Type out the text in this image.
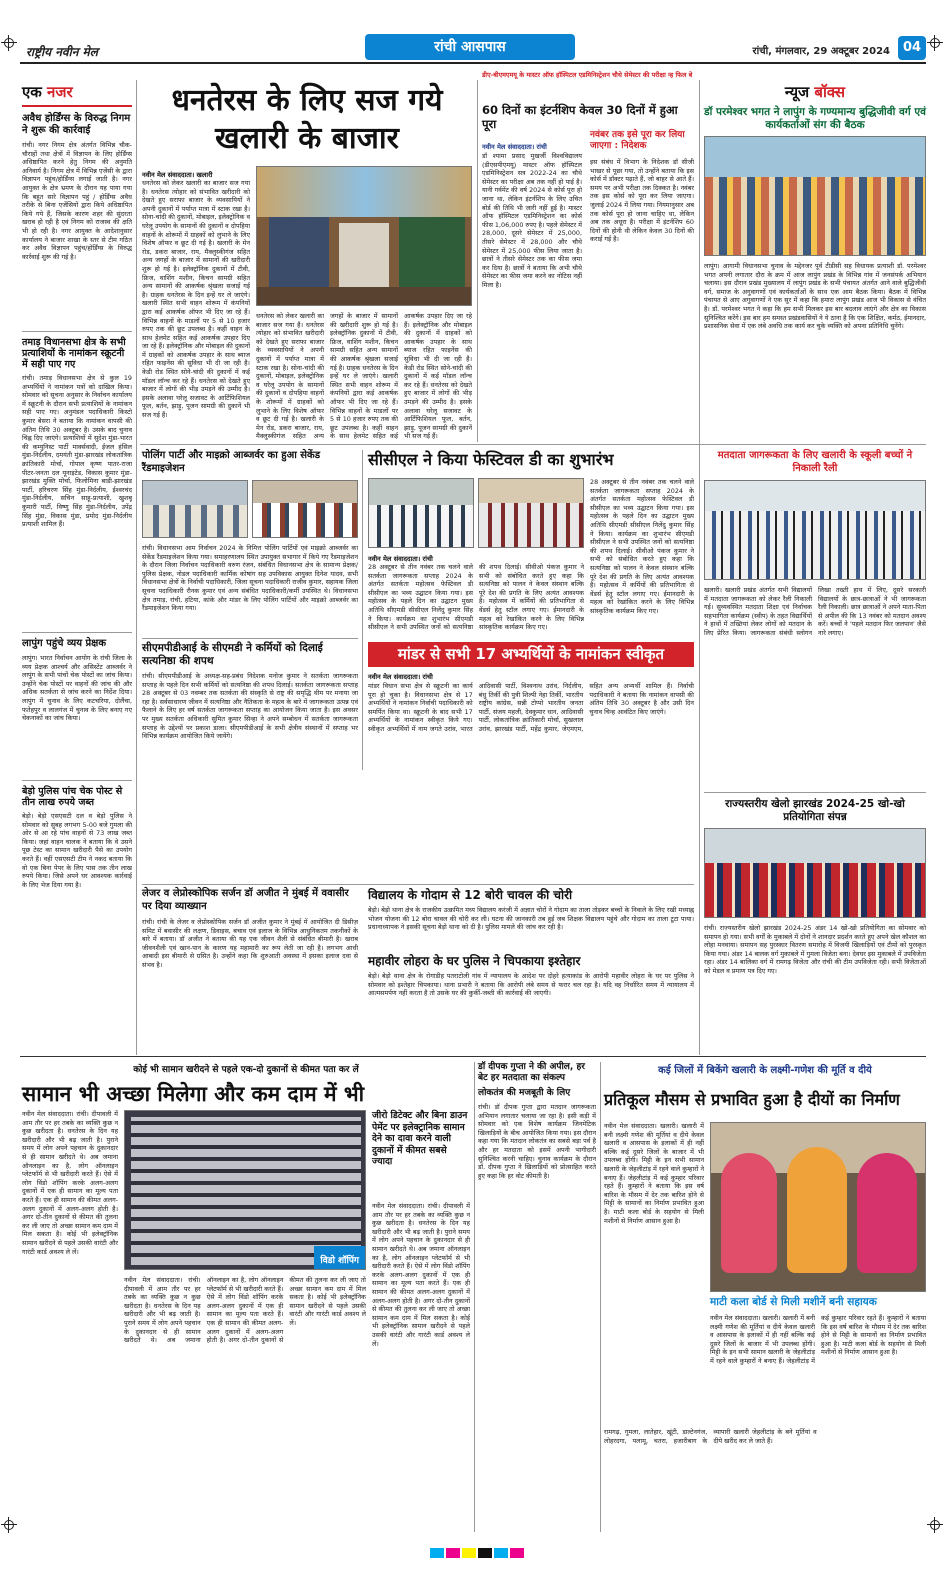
राष्ट्रीय नवीन मेल	रांची आसपास	रांची, मंगलवार, 29 अक्टूबर 2024 04
एक नजर
अवैध होर्डिंग्स के विरुद्ध निगम ने शुरू की कार्रवाई
रांची। नगर निगम क्षेत्र अंतर्गत विभिन्न चौक-चौराहों तथा क्षेत्रों में विज्ञापन के लिए होर्डिंग्स अधिष्ठापित करने हेतु निगम की अनुमति अनिवार्य है। निगम क्षेत्र में विभिन्न एजेंसी के द्वारा विज्ञापन पहुंच/होर्डिंग्स लगाई जाती है। नगर आयुक्त के क्षेत्र भ्रमण के दौरान यह पाया गया कि बहुत सारे विज्ञापन पहुं / होर्डिंग्स अवैध तरीके से बिना एजेंसियों द्वारा किये अधिष्ठापित किये गये हैं, जिसके कारण शहर की सुंदरता खराब हो रही है एवं निगम को राजस्व की क्षति भी हो रही है। नगर आयुक्त के आदेशानुसार कार्यालय ने बाजार शाखा के स्तर से टीम गठित कर अवैध विज्ञापन पहुंच/होर्डिंग्स के विरुद्ध कार्रवाई शुरू की गई है।
तमाड़ विधानसभा क्षेत्र के सभी प्रत्याशियों के नामांकन स्क्रूटनी में सही पाए गए
रांची। तमाड़ विधानसभा क्षेत्र से कुल 19 अभ्यर्थियों ने नामांकन पत्रों को दाखिल किया। सोमवार को सूचना अनुसार के निर्वाचन कार्यालय में स्क्रूटनी के दौरान सभी प्रत्याशियों के नामांकन सही पाए गए। अनुमंडल पदाधिकारी किस्टो कुमार बेसरा ने बताया कि नामांकन वापसी की अंतिम तिथि 30 अक्टूबर है। उसके बाद चुनाव चिह्न दिए जाएंगे। प्रत्याशियों में सुदेश मुंडा-भारत की कम्युनिस्ट पार्टी मार्क्सवादी, ईजल हंसिल मुंडा-निर्दलीय, दमयंती मुंडा-झारखंड लोकतांत्रिक क्रांतिकारी मोर्चा, गोपाल कृष्ण पातर-राजा पीटर-जनता दल यूनाइटेड, विकास कुमार मुंडा-झारखंड मुक्ति मोर्चा, फिलोमिना बाडी-झारखंड पार्टी, हरिचरण सिंह मुंडा-निर्दलीय, ईश्वरचंद मुंडा-निर्दलीय, सचिन साहू-प्रत्याशी, खुशबू कुमारी पार्टी, विष्णु सिंह मुंडा-निर्दलीय, उपेंद्र सिंह मुंडा, विकास मुंडा, प्रमोद मुंडा-निर्दलीय प्रत्याशी शामिल हैं।
लापुंग पहुंचे व्यय प्रेक्षक
लापुंग। भारत निर्वाचन आयोग के रांची जिला के व्यय प्रेक्षक आश्चर्य और असिस्टेंट आब्जर्वर ने लापुंग के सभी पांचों चेक पोस्टों का जांच किया। उन्होंने चेक पोस्टों पर वाहनों की जांच की और अधिक सतर्कता से जांच करने का निर्देश दिया। लापुंग में चुनाव के लिए कटचरिया, दोलैंचा, फतेहपुर व लालगंज में चुनाव के लिए बनाए गए चेकनाकों का जांच किया।
बेड़ो पुलिस पांच चेक पोस्ट से तीन लाख रुपये जब्त
बेड़ो। बेड़ो एसएसटी दल व बेड़ो पुलिस ने सोमवार को सुबह लगभग 5-00 बजे गुमला की ओर से आ रहे पांच वाहनों से 73 लाख जब्त किया। जहां वाहन चालक ने बताया कि वे उसने पूछ टेस्ट का सामान खरीदारी पैसे का उपयोग करते हैं। वहीं एसएसटी टीम ने नकद बताया कि वो एक बिना पेपर के लिए पास तक तीन लाख रुपये किया। जिसे अपने घर आवश्यक कार्रवाई के लिए भेज दिया गया है।
धनतेरस के लिए सज गये खलारी के बाजार
नवीन मेल संवाददाता। खलारी
धनतेरस को लेकर खलारी का बाजार सज गया है। धनतेरस त्योहार को संभावित खरीदारी को देखते हुए सराफा बाजार के व्यवसायियों ने अपनी दुकानों में पर्याप्त मात्रा में स्टाक रखा है। सोना-चांदी की दुकानों, मोबाइल, इलेक्ट्रोनिक व घरेलू उपयोग के सामानों की दुकानों व दोपहिया वाहनों के शोरूमों में ग्राहकों को लुभाने के लिए विशेष ऑफर व छूट दी गई है। खलारी के मेन रोड, डकरा बाजार, राय, मैक्लुस्कीगंज सहित अन्य जगहों के बाजार में सामानों की खरीदारी शुरू हो गई है। इलेक्ट्रॉनिक दुकानों में टीवी, फ्रिज, वाशिंग मशीन, किचन सामग्री सहित अन्य सामानों की आकर्षक श्रृंखला सजाई गई है। ग्राहक धनतेरस के दिन इन्हें घर ले जाएंगे। खलारी स्थित सभी वाहन शोरूम में कंपनियों द्वारा कई आकर्षक ऑफर भी दिए जा रहे हैं। विभिन्न वाहनों के माडलों पर 5 से 10 हजार रुपए तक की छूट उपलब्ध है। कहीं वाहन के साथ हेलमेट सहित कई आकर्षक उपहार दिए जा रहे हैं। इलेक्ट्रॉनिक और मोबाइल की दुकानों में ग्राहकों को आकर्षक उपहार के साथ ब्याज रहित फाइनेंस की सुविधा भी दी जा रही है। केडी रोड स्थित सोने-चांदी की दुकानों में कई मॉडल लाॅन्च कर रहे हैं। धनतेरस को देखते हुए बाजार में लोगों की भीड़ उमड़ने की उम्मीद है। इसके अलावा घरेलू सजावट के आर्टिफिशियल फूल, बर्तन, झाड़ू, पूजन सामग्री की दुकानें भी सज गई हैं।
धनतेरस को लेकर खलारी का बाजार सज गया है। धनतेरस त्योहार को संभावित खरीदारी को देखते हुए सराफा बाजार के व्यवसायियों ने अपनी दुकानों में पर्याप्त मात्रा में स्टाक रखा है। सोना-चांदी की दुकानों, मोबाइल, इलेक्ट्रोनिक व घरेलू उपयोग के सामानों की दुकानों व दोपहिया वाहनों के शोरूमों में ग्राहकों को लुभाने के लिए विशेष ऑफर व छूट दी गई है। खलारी के मेन रोड, डकरा बाजार, राय, मैक्लुस्कीगंज सहित अन्य जगहों के बाजार में सामानों की खरीदारी शुरू हो गई है। इलेक्ट्रॉनिक दुकानों में टीवी, फ्रिज, वाशिंग मशीन, किचन सामग्री सहित अन्य सामानों की आकर्षक श्रृंखला सजाई गई है। ग्राहक धनतेरस के दिन इन्हें घर ले जाएंगे। खलारी स्थित सभी वाहन शोरूम में कंपनियों द्वारा कई आकर्षक ऑफर भी दिए जा रहे हैं। विभिन्न वाहनों के माडलों पर 5 से 10 हजार रुपए तक की छूट उपलब्ध है। कहीं वाहन के साथ हेलमेट सहित कई आकर्षक उपहार दिए जा रहे हैं। इलेक्ट्रॉनिक और मोबाइल की दुकानों में ग्राहकों को आकर्षक उपहार के साथ ब्याज रहित फाइनेंस की सुविधा भी दी जा रही है। केडी रोड स्थित सोने-चांदी की दुकानों में कई मॉडल लाॅन्च कर रहे हैं। धनतेरस को देखते हुए बाजार में लोगों की भीड़ उमड़ने की उम्मीद है। इसके अलावा घरेलू सजावट के आर्टिफिशियल फूल, बर्तन, झाड़ू, पूजन सामग्री की दुकानें भी सज गई हैं।
डीए-बीएमएमयू के मास्टर ऑफ हॉस्पिटल एडमिनिस्ट्रेशन चौथे सेमेस्टर की परीक्षा न्ह फिल बे
60 दिनों का इंटर्नशिप केवल 30 दिनों में हुआ पूरा
नवीन मेल संवाददाता। रांची
डॉ श्यामा प्रसाद मुखर्जी विश्वविद्यालय (डीएसपीएमयू) मास्टर ऑफ हॉस्पिटल एडमिनिस्ट्रेशन सत्र 2022-24 का चौथे सेमेस्टर का परीक्षा अब तक नहीं हो पाई है। यानी गर्वमेंट की वर्ष 2024 से कोर्स पूरा हो जाना था, लेकिन इंटर्नशिप के लिए उचित बोर्ड की तिथि भी जारी नहीं हुई है। मास्टर ऑफ हॉस्पिटल एडमिनिस्ट्रेशन का कोर्स फीस 1,06,000 रुपए है। पहले सेमेस्टर में 28,000, दूसरे सेमेस्टर में 25,000, तीसरे सेमेस्टर में 28,000 और चौथे सेमेस्टर में 25,000 फीस लिया जाता है। छात्रों ने तीसरे सेमेस्टर तक का फीस जमा कर दिया है। छात्रों ने बताया कि अभी चौथे सेमेस्टर का फीस जमा करने का नोटिस नहीं मिला है।
नवंबर तक इसे पूरा कर लिया जाएगा : निदेशक
इस संबंध में विभाग के निदेशक डॉ सीजी भाखर से पूछा गया, तो उन्होंने बताया कि इस कोर्स में डॉक्टर पढ़ाते हैं, जो बाहर से आते हैं। समय पर अभी परीक्षा तक दिक्कत है। नवंबर तक इस कोर्स को पूरा कर लिया जाएगा। जुलाई 2024 में लिया गया। नियमानुसार अब तक कोर्स पूरा हो जाना चाहिए था, लेकिन अब तक अधूरा है। परीक्षा में इंटर्नशिप 60 दिनों की होनी थी लेकिन केवल 30 दिनों की कराई गई है।
न्यूज बॉक्स
डॉ परमेश्वर भगत ने लापुंग के गण्यमान्य बुद्धिजीवी वर्ग एवं कार्यकर्ताओं संग की बैठक
लापुंग। आगामी विधानसभा चुनाव के मद्देनजर पूर्व टीडीसी सह विधायक प्रत्याशी डॉ. परमेश्वर भगत अपनी लगातार दौरा के क्रम में आज लापुंग प्रखंड के विभिन्न गांव में जनसंपर्क अभियान चलाया। इस दौरान प्रखंड मुख्यालय में लापुंग प्रखंड के सभी पंचायत अंतर्गत आने वाले बुद्धिजीवी वर्ग, समाज के अगुवागणों एवं कार्यकर्ताओं के साथ एक आम बैठक किया। बैठक में विभिन्न पंचायत से आए अगुवागणों ने एक सुर में कहा कि हमारा लापुंग प्रखंड आज भी विकास से वंचित है। डॉ. परमेश्वर भगत ने कहा कि हम सभी मिलकर इस बार बदलाव लाएंगे और क्षेत्र का विकास सुनिश्चित करेंगे। इस बार हम समस्त प्रखंडवासियों ने ये ठाना है कि एक शिक्षित, कर्मठ, ईमानदार, प्रशासनिक सेवा में एक लंबे अवधि तक कार्य कर चुके व्यक्ति को अपना प्रतिनिधि चुनेंगे।
मतदाता जागरूकता के लिए खलारी के स्कूली बच्चों ने निकाली रैली
खलारी। खलारी प्रखंड अंतर्गत सभी विद्यालयों में मतदाता जागरूकता को लेकर रैली निकाली गई। सुव्यवस्थित मतदाता शिक्षा एवं निर्वाचक सहभागिता कार्यक्रम (स्वीप) के तहत विद्यार्थियों ने हाथों में तख्तियां लेकर लोगों को मतदान के लिए प्रेरित किया। जागरूकता संबंधी स्लोगन लिखा तख्ती हाथ में लिए, दूसरे सरकारी विद्यालयों के छात्र-छात्राओं ने भी जागरूकता रैली निकाली। छात्र छात्राओं ने अपने माता-पिता से अपील की कि 13 नवंबर को मतदान अवश्य करें। बच्चों ने 'पहले मतदान फिर जलपान' जैसे नारे लगाए।
राज्यस्तरीय खेलो झारखंड 2024-25 खो-खो प्रतियोगिता संपन्न
रांची। राज्यस्तरीय खेलो झारखंड 2024-25 अंडर 14 खो-खो प्रतियोगिता का सोमवार को समापन हो गया। सभी वर्गों के मुकाबले में दोनों ने शानदार प्रदर्शन करते हुए अपने खेल कौशल का लोहा मनवाया। समापन सह पुरस्कार वितरण समारोह में विजयी खिलाड़ियों एवं टीमों को पुरस्कृत किया गया। अंडर 14 बालक वर्ग मुकाबले में गुमला विजेता बना। देवघर इस मुकाबले में उपविजेता रहा। अंडर 14 बालिका वर्ग में रामगढ़ विजेता और रांची की टीम उपविजेता रही। सभी विजेताओं को मेडल व प्रमाण पत्र दिए गए।
पोलिंग पार्टी और माइक्रो आब्जर्वर का हुआ सेकेंड रैंडमाइजेशन
रांची। विधानसभा आम निर्वाचन 2024 के निमित्त पोलिंग पार्टियों एवं माइक्रो आब्जर्वर का सेकेंड रैंडमाइजेशन किया गया। समाहरणालय स्थित उपायुक्त सभागार में किये गए रैंडमाइजेशन के दौरान जिला निर्वाचन पदाधिकारी वरुण रंजन, संबंधित विधानसभा क्षेत्र के सामान्य प्रेक्षक/पुलिस प्रेक्षक, नोडल पदाधिकारी कार्मिक कोषांग सह उपविकास आयुक्त दिनेश यादव, सभी विधानसभा क्षेत्रों के निर्वाची पदाधिकारी, जिला सूचना पदाधिकारी राजीव कुमार, सहायक जिला सूचना पदाधिकारी रौनक कुमार एवं अन्य संबंधित पदाधिकारी/कर्मी उपस्थित थे। विधानसभा क्षेत्र तमाड़, रांची, हटिया, कांके और मांडर के लिए पोलिंग पार्टियों और माइक्रो आब्जर्वर का रैंडमाइजेशन किया गया।
सीसीएल ने किया फेस्टिवल डी का शुभारंभ
नवीन मेल संवाददाता। रांची
28 अक्टूबर से तीन नवंबर तक चलने वाले सतर्कता जागरूकता सप्ताह 2024 के अंतर्गत सतर्कता महोत्सव फेस्टिवल डी सीसीएल का भव्य उद्घाटन किया गया। इस महोत्सव के पहले दिन का उद्घाटन मुख्य अतिथि सीएमडी सीसीएल निलेंदु कुमार सिंह ने किया। कार्यक्रम का शुभारंभ सीएमडी सीसीएल ने सभी उपस्थित जनों को सत्यनिष्ठा की शपथ दिलाई। सीवीओ पंकज कुमार ने सभी को संबोधित करते हुए कहा कि सत्यनिष्ठा को पालन ने केवल संस्थान बल्कि पूरे देश की प्रगति के लिए अत्यंत आवश्यक है। महोत्सव में कर्मियों की प्रतिभागिता से वेंडर्स हेतु स्टॉल लगाए गए। ईमानदारी के महत्व को रेखांकित करने के लिए विभिन्न सांस्कृतिक कार्यक्रम किए गए।
28 अक्टूबर से तीन नवंबर तक चलने वाले सतर्कता जागरूकता सप्ताह 2024 के अंतर्गत सतर्कता महोत्सव फेस्टिवल डी सीसीएल का भव्य उद्घाटन किया गया। इस महोत्सव के पहले दिन का उद्घाटन मुख्य अतिथि सीएमडी सीसीएल निलेंदु कुमार सिंह ने किया। कार्यक्रम का शुभारंभ सीएमडी सीसीएल ने सभी उपस्थित जनों को सत्यनिष्ठा की शपथ दिलाई। सीवीओ पंकज कुमार ने सभी को संबोधित करते हुए कहा कि सत्यनिष्ठा को पालन ने केवल संस्थान बल्कि पूरे देश की प्रगति के लिए अत्यंत आवश्यक है। महोत्सव में कर्मियों की प्रतिभागिता से वेंडर्स हेतु स्टॉल लगाए गए। ईमानदारी के महत्व को रेखांकित करने के लिए विभिन्न सांस्कृतिक कार्यक्रम किए गए।
सीएमपीडीआई के सीएमडी ने कर्मियों को दिलाई सत्यनिष्ठा की शपथ
रांची। सीएमपीडीआई के अध्यक्ष-सह-प्रबंध निदेशक मनोज कुमार ने सतर्कता जागरूकता सप्ताह के पहले दिन सभी कर्मियों को सत्यनिष्ठा की शपथ दिलाई। सतर्कता जागरूकता सप्ताह 28 अक्टूबर से 03 नवम्बर तक सतर्कता की संस्कृति से राष्ट्र की समृद्धि थीम पर मनाया जा रहा है। सर्वसाधारण जीवन में सत्यनिष्ठा और नैतिकता के महत्व के बारे में जागरूकता उत्पन्न एवं फैलाने के लिए हर वर्ष सतर्कता जागरूकता सप्ताह का आयोजन किया जाता है। इस अवसर पर मुख्य सतर्कता अधिकारी सुमित कुमार सिन्हा ने अपने सम्बोधन में सतर्कता जागरूकता सप्ताह के उद्देश्यों पर प्रकाश डाला। सीएमपीडीआई के सभी क्षेत्रीय संस्थानों में सप्ताह भर विभिन्न कार्यक्रम आयोजित किये जायेंगे।
मांडर से सभी 17 अभ्यर्थियों के नामांकन स्वीकृत
नवीन मेल संवाददाता। रांची
मांडर विधान सभा क्षेत्र से स्क्रूटनी का कार्य पूरा हो चुका है। विधानसभा क्षेत्र से 17 अभ्यर्थियों ने नामांकन निर्वाची पदाधिकारी को समर्पित किया था। स्क्रूटनी के बाद सभी 17 अभ्यर्थियों के नामांकन स्वीकृत किये गए। स्वीकृत अभ्यर्थियों में नाम जगते उरांव, भारत आदिवासी पार्टी, विश्वनाथ उरांव, निर्दलीय, बंधु तिर्की की पुत्री शिल्पी नेहा तिर्की, भारतीय राष्ट्रीय कांग्रेस, सन्नी टोप्पो भारतीय जनता पार्टी, संजय महली, देवकुमार धान, आदिवासी पार्टी, लोकतांत्रिक क्रांतिकारी मोर्चा, सुखलाल उरांव, झारखंड पार्टी, महेंद्र कुमार, जेएमएम, सहित अन्य अभ्यर्थी शामिल हैं। निर्वाची पदाधिकारी ने बताया कि नामांकन वापसी की अंतिम तिथि 30 अक्टूबर है और उसी दिन चुनाव चिन्ह आवंटित किए जाएंगे।
लेजर व लेप्रोस्कोपिक सर्जन डॉ अजीत ने मुंबई में ववासीर पर दिया व्याख्यान
रांची। रांची के लेजर व लेप्रोस्कोपिक सर्जन डॉ अजीत कुमार ने मुंबई में आयोजित दी डिसीज़ समिट में बवासीर की लक्षण, डिवाइस, बचाव एवं इलाज के विभिन्न आधुनिकतम तकनीकों के बारे में बताया। डॉ अजीत ने बताया की यह एक जीवन शैली से संबंधित बीमारी है। खराब जीवनशैली एवं खान-पान के कारण यह महामारी का रूप लेती जा रही है। लगभग आधी आबादी इस बीमारी से ग्रसित है। उन्होंने कहा कि शुरुआती अवस्था में इसका इलाज दवा से संभव है।
विद्यालय के गोदाम से 12 बोरी चावल की चोरी
बेड़ो। बेड़ो थाना क्षेत्र के राजकीय उत्क्रमित मध्य विद्यालय करंजी में अज्ञात चोरों ने गोदाम का ताला तोड़कर बच्चों के निवाले के लिए रखी मध्याह्न भोजन योजना की 12 बोरा चावल की चोरी कर ली। घटना की जानकारी तब हुई जब शिक्षक विद्यालय पहुंचे और गोदाम का ताला टूटा पाया। प्रधानाध्यापक ने इसकी सूचना बेड़ो थाना को दी है। पुलिस मामले की जांच कर रही है।
महावीर लोहरा के घर पुलिस ने चिपकाया इश्तेहार
बेड़ो। बेड़ो थाना क्षेत्र के रोगाडीह पतराटोली गांव में न्यायालय के आदेश पर दोहरे हत्याकांड के आरोपी महावीर लोहरा के घर पर पुलिस ने सोमवार को इश्तेहार चिपकाया। थाना प्रभारी ने बताया कि आरोपी लंबे समय से फरार चल रहा है। यदि वह निर्धारित समय में न्यायालय में आत्मसमर्पण नहीं करता है तो उसके घर की कुर्की-जब्ती की कार्रवाई की जाएगी।
कोई भी सामान खरीदने से पहले एक-दो दुकानों से कीमत पता कर लें
सामान भी अच्छा मिलेगा और कम दाम में भी
नवीन मेल संवाददाता। रांची। दीपावली में आम तौर पर हर तबके का व्यक्ति कुछ न कुछ खरीदता है। धनतेरस के दिन यह खरीदारी और भी बढ़ जाती है। पुराने समय में लोग अपने पहचान के दुकानदार से ही सामान खरीदते थे। अब जमाना ऑनलाइन का है, लोग ऑनलाइन प्लेटफॉर्म से भी खरीदारी करते हैं। ऐसे में लोग विंडो शॉपिंग करके अलग-अलग दुकानों में एक ही सामान का मूल्य पता करते हैं। एक ही सामान की कीमत अलग-अलग दुकानों में अलग-अलग होती है। अगर दो-तीन दुकानों से कीमत की तुलना कर ली जाए तो अच्छा सामान कम दाम में मिल सकता है। कोई भी इलेक्ट्रॉनिक सामान खरीदने से पहले उसकी वारंटी और गारंटी कार्ड अवश्य ले लें।
विडो शॉपिंग
नवीन मेल संवाददाता। रांची। दीपावली में आम तौर पर हर तबके का व्यक्ति कुछ न कुछ खरीदता है। धनतेरस के दिन यह खरीदारी और भी बढ़ जाती है। पुराने समय में लोग अपने पहचान के दुकानदार से ही सामान खरीदते थे। अब जमाना ऑनलाइन का है, लोग ऑनलाइन प्लेटफॉर्म से भी खरीदारी करते हैं। ऐसे में लोग विंडो शॉपिंग करके अलग-अलग दुकानों में एक ही सामान का मूल्य पता करते हैं। एक ही सामान की कीमत अलग-अलग दुकानों में अलग-अलग होती है। अगर दो-तीन दुकानों से कीमत की तुलना कर ली जाए तो अच्छा सामान कम दाम में मिल सकता है। कोई भी इलेक्ट्रॉनिक सामान खरीदने से पहले उसकी वारंटी और गारंटी कार्ड अवश्य ले लें।
जीरो डिटेक्ट और बिना डाउन पेमेंट पर इलेक्ट्रानिक सामान देने का दावा करने वाली दुकानों में कीमत सबसे ज्यादा
नवीन मेल संवाददाता। रांची। दीपावली में आम तौर पर हर तबके का व्यक्ति कुछ न कुछ खरीदता है। धनतेरस के दिन यह खरीदारी और भी बढ़ जाती है। पुराने समय में लोग अपने पहचान के दुकानदार से ही सामान खरीदते थे। अब जमाना ऑनलाइन का है, लोग ऑनलाइन प्लेटफॉर्म से भी खरीदारी करते हैं। ऐसे में लोग विंडो शॉपिंग करके अलग-अलग दुकानों में एक ही सामान का मूल्य पता करते हैं। एक ही सामान की कीमत अलग-अलग दुकानों में अलग-अलग होती है। अगर दो-तीन दुकानों से कीमत की तुलना कर ली जाए तो अच्छा सामान कम दाम में मिल सकता है। कोई भी इलेक्ट्रॉनिक सामान खरीदने से पहले उसकी वारंटी और गारंटी कार्ड अवश्य ले लें।
डॉ दीपक गुप्ता ने की अपील, हर बेट हर मतदाता का संकल्प
लोकतंत्र की मजबूती के लिए
रांची। डॉ दीपक गुप्ता द्वारा मतदान जागरूकता अभियान लगातार चलाया जा रहा है। इसी कड़ी में सोमवार को एक विशेष कार्यक्रम जिनमेटिक खिलाड़ियों के बीच आयोजित किया गया। इस दौरान कहा गया कि मतदान लोकतंत्र का सबसे बड़ा पर्व है और हर मतदाता को इसमें अपनी भागीदारी सुनिश्चित करनी चाहिए। चुनाव कार्यक्रम के दौरान डॉ. दीपक गुप्ता ने खिलाड़ियों को प्रोत्साहित करते हुए कहा कि हर वोट कीमती है।
कई जिलों में बिकेंगे खलारी के लक्ष्मी-गणेश की मूर्ति व दीये
प्रतिकूल मौसम से प्रभावित हुआ है दीयों का निर्माण
नवीन मेल संवाददाता। खलारी। खलारी में बनी लक्ष्मी गणेश की मूर्तियां व दीये केवल खलारी व आसपास के इलाकों में ही नहीं बल्कि कई दूसरे जिलों के बाजार में भी उपलब्ध होंगी। मिट्टी के इन सभी सामान खलारी के जेहलीटांड़ में रहने वाले कुम्हारों ने बनाए हैं। जेहलीटांड़ में कई कुम्हार परिवार रहते हैं। कुम्हारों ने बताया कि इस वर्ष बारिश के मौसम में देर तक बारिश होने से मिट्टी के सामानों का निर्माण प्रभावित हुआ है। माटी कला बोर्ड के सहयोग से मिली मशीनों से निर्माण आसान हुआ है।
माटी कला बोर्ड से मिली मशीनें बनी सहायक
नवीन मेल संवाददाता। खलारी। खलारी में बनी लक्ष्मी गणेश की मूर्तियां व दीये केवल खलारी व आसपास के इलाकों में ही नहीं बल्कि कई दूसरे जिलों के बाजार में भी उपलब्ध होंगी। मिट्टी के इन सभी सामान खलारी के जेहलीटांड़ में रहने वाले कुम्हारों ने बनाए हैं। जेहलीटांड़ में कई कुम्हार परिवार रहते हैं। कुम्हारों ने बताया कि इस वर्ष बारिश के मौसम में देर तक बारिश होने से मिट्टी के सामानों का निर्माण प्रभावित हुआ है। माटी कला बोर्ड के सहयोग से मिली मशीनों से निर्माण आसान हुआ है।
रामगढ़, गुमला, लातेहार, खूंटी, डाल्टेनगंज, लोहरदगा, पलामू, चतरा, हजारीबाग के व्यापारी खलारी जेहलीटांड़ के बने मूर्तियां व दीये खरीद कर ले जाते हैं।
